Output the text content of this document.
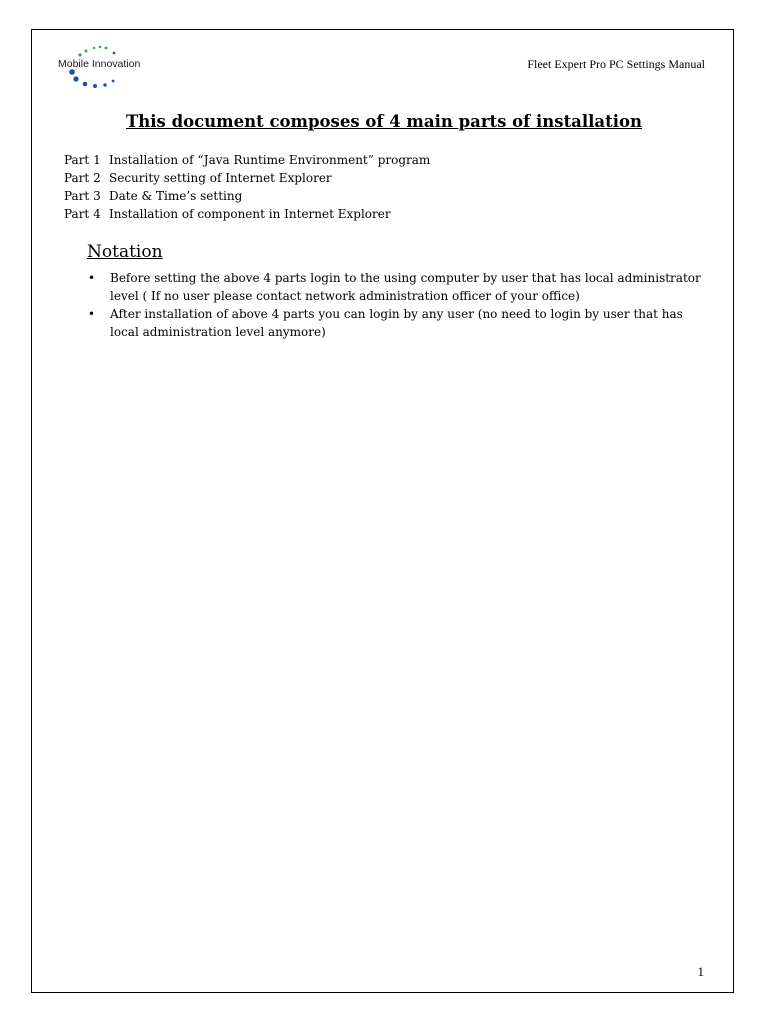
Mobile Innovation	Fleet Expert Pro PC Settings Manual
This document composes of 4 main parts of installation
Part 1 Installation of “Java Runtime Environment” program
Part 2 Security setting of Internet Explorer
Part 3 Date & Time’s setting
Part 4 Installation of component in Internet Explorer
Notation
• Before setting the above 4 parts login to the using computer by user that has local administrator level ( If no user please contact network administration officer of your office)
• After installation of above 4 parts you can login by any user (no need to login by user that has local administration level anymore)
1
